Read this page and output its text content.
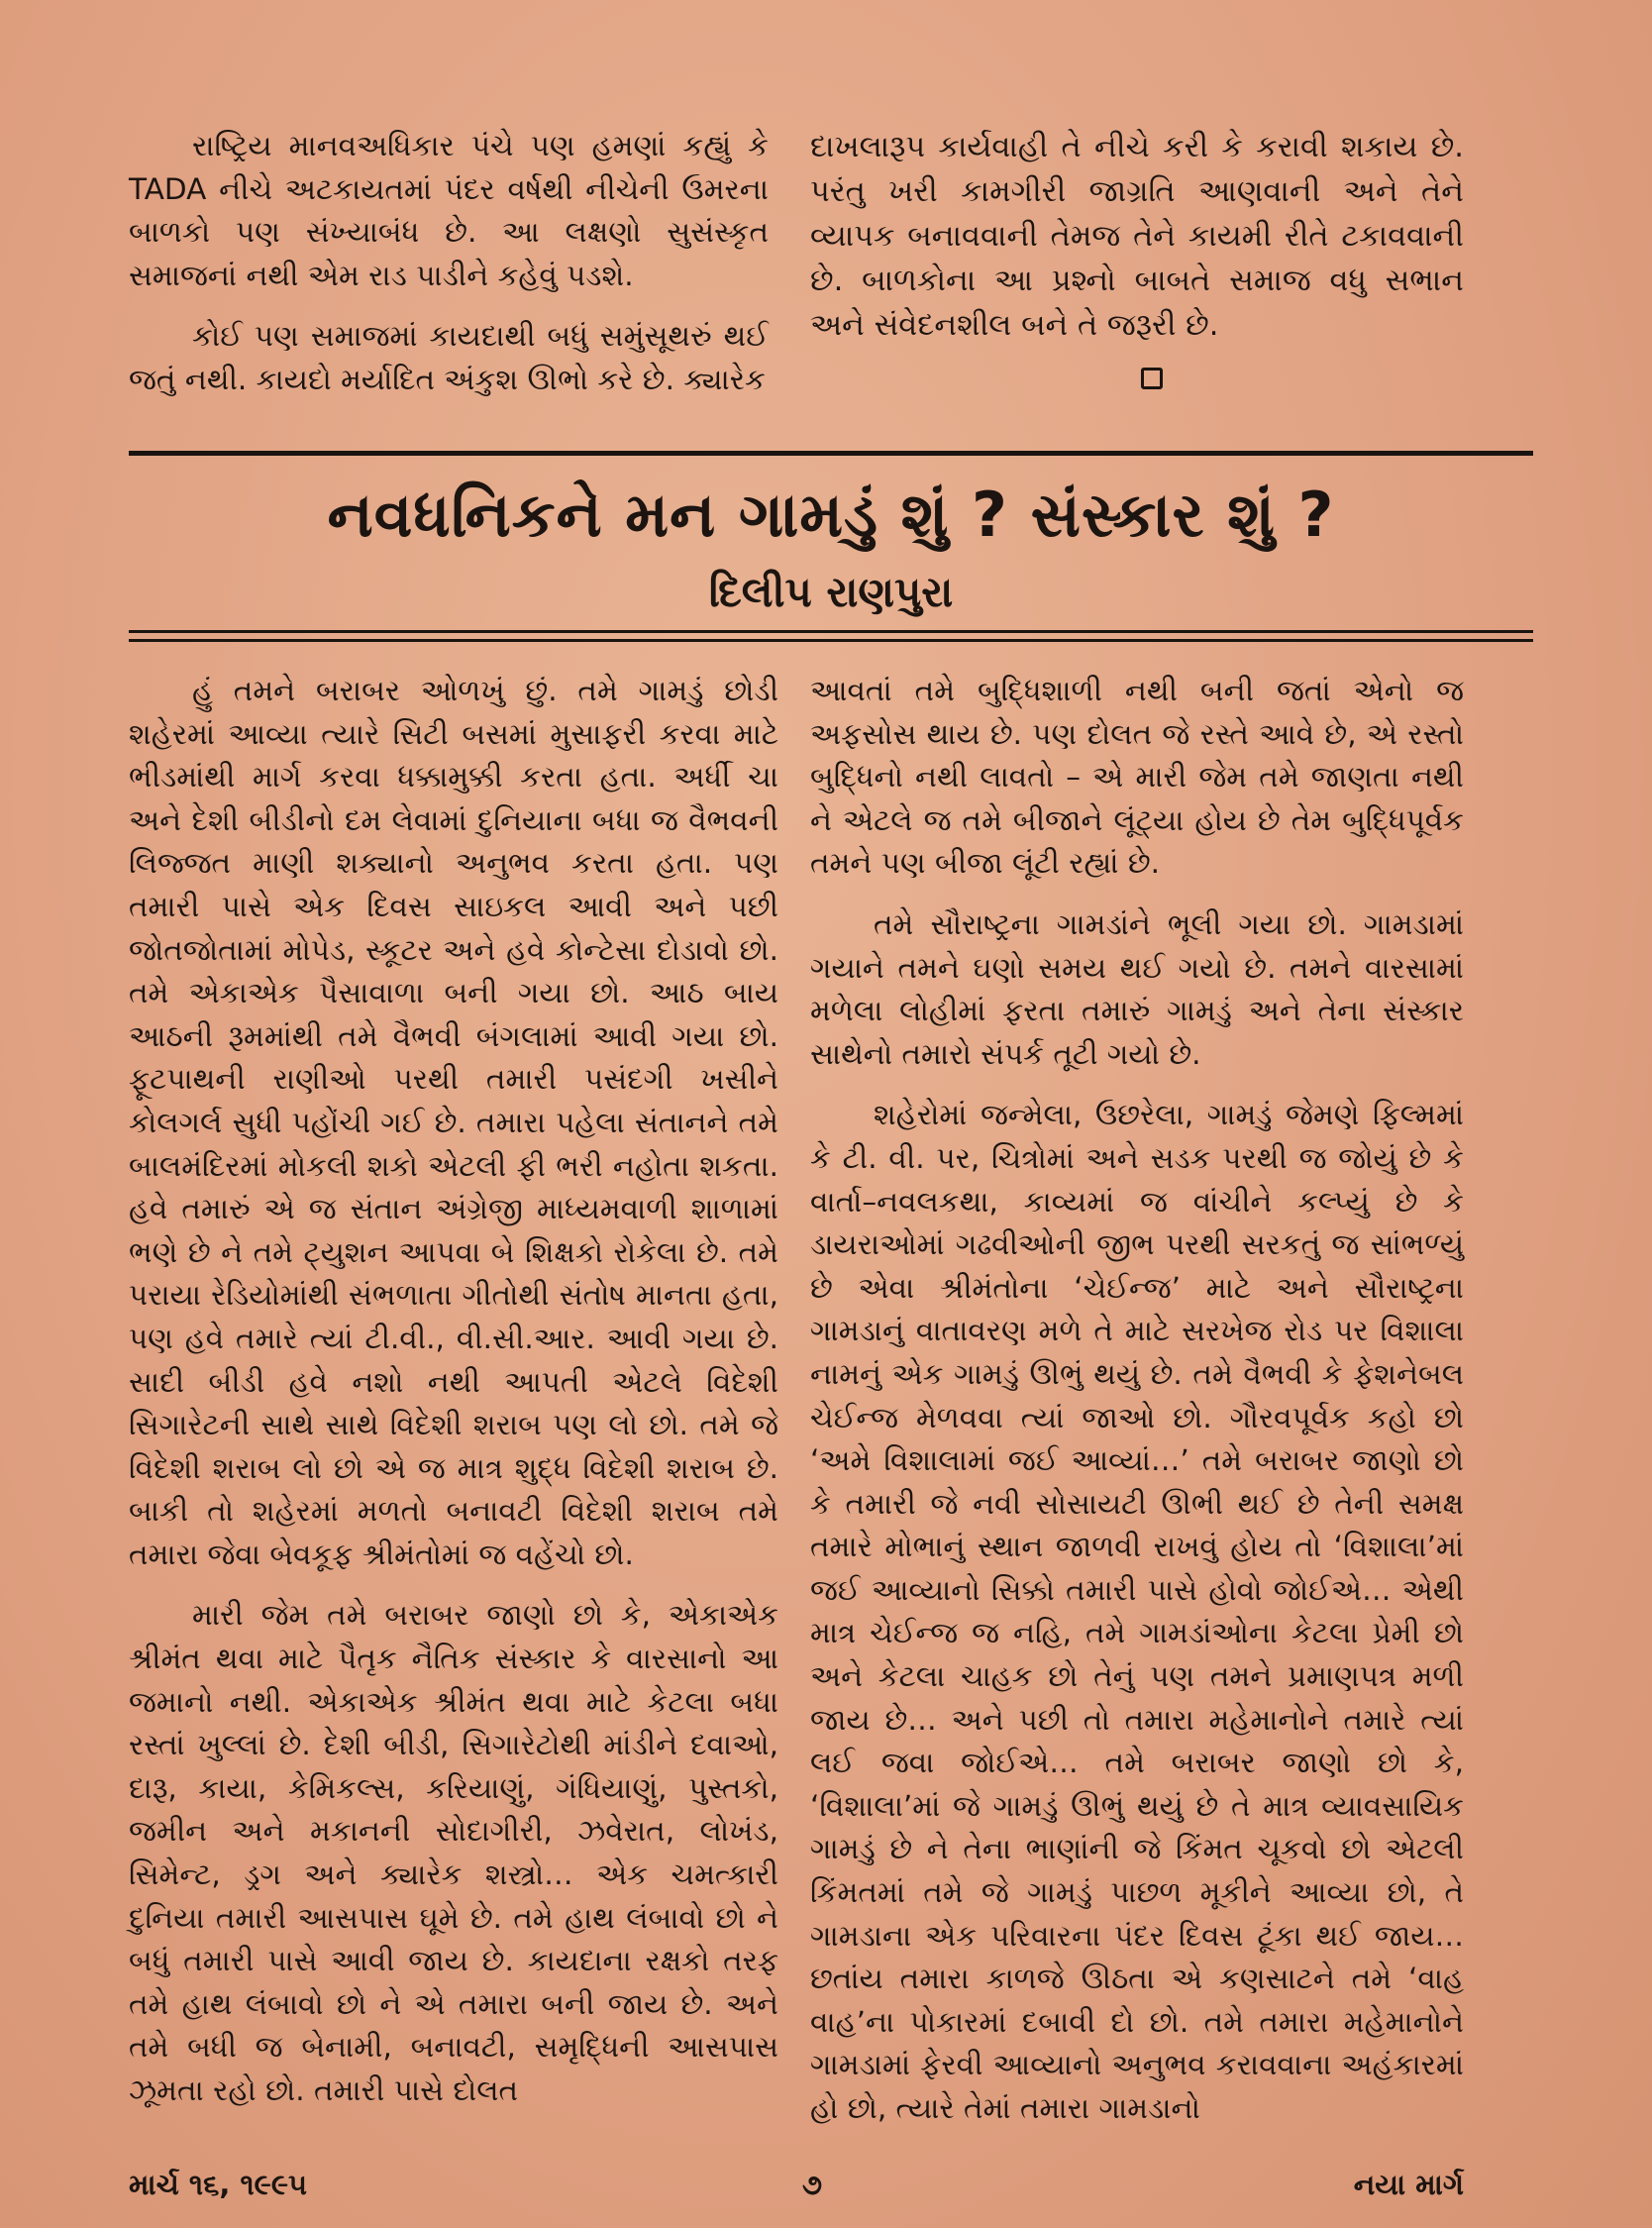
રાષ્ટ્રિય માનવઅધિકાર પંચે પણ હમણાં કહ્યું કે TADA નીચે અટકાયતમાં પંદર વર્ષથી નીચેની ઉમરના બાળકો પણ સંખ્યાબંધ છે. આ લક્ષણો સુસંસ્કૃત સમાજનાં નથી એમ રાડ પાડીને કહેવું પડશે.

કોઈ પણ સમાજમાં કાયદાથી બધું સમુંસૂથરું થઈ જતું નથી. કાયદો મર્યાદિત અંકુશ ઊભો કરે છે. ક્યારેક

દાખલારૂપ કાર્યવાહી તે નીચે કરી કે કરાવી શકાય છે. પરંતુ ખરી કામગીરી જાગ્રતિ આણવાની અને તેને વ્યાપક બનાવવાની તેમજ તેને કાયમી રીતે ટકાવવાની છે. બાળકોના આ પ્રશ્નો બાબતે સમાજ વધુ સભાન અને સંવેદનશીલ બને તે જરૂરી છે.

નવધનિકને મન ગામડું શું ? સંસ્કાર શું ?
દિલીપ રાણપુરા

હું તમને બરાબર ઓળખું છું. તમે ગામડું છોડી શહેરમાં આવ્યા ત્યારે સિટી બસમાં મુસાફરી કરવા માટે ભીડમાંથી માર્ગ કરવા ધક્કામુક્કી કરતા હતા. અર્ધી ચા અને દેશી બીડીનો દમ લેવામાં દુનિયાના બધા જ વૈભવની લિજ્જત માણી શક્યાનો અનુભવ કરતા હતા. પણ તમારી પાસે એક દિવસ સાઇકલ આવી અને પછી જોતજોતામાં મોપેડ, સ્કૂટર અને હવે કોન્ટેસા દોડાવો છો. તમે એકાએક પૈસાવાળા બની ગયા છો. આઠ બાય આઠની રૂમમાંથી તમે વૈભવી બંગલામાં આવી ગયા છો. ફૂટપાથની રાણીઓ પરથી તમારી પસંદગી ખસીને કોલગર્લ સુધી પહોંચી ગઈ છે. તમારા પહેલા સંતાનને તમે બાલમંદિરમાં મોકલી શકો એટલી ફી ભરી નહોતા શકતા. હવે તમારું એ જ સંતાન અંગ્રેજી માધ્યમવાળી શાળામાં ભણે છે ને તમે ટ્યુશન આપવા બે શિક્ષકો રોકેલા છે. તમે પરાયા રેડિયોમાંથી સંભળાતા ગીતોથી સંતોષ માનતા હતા, પણ હવે તમારે ત્યાં ટી.વી., વી.સી.આર. આવી ગયા છે. સાદી બીડી હવે નશો નથી આપતી એટલે વિદેશી સિગારેટની સાથે સાથે વિદેશી શરાબ પણ લો છો. તમે જે વિદેશી શરાબ લો છો એ જ માત્ર શુદ્ધ વિદેશી શરાબ છે. બાકી તો શહેરમાં મળતો બનાવટી વિદેશી શરાબ તમે તમારા જેવા બેવકૂફ શ્રીમંતોમાં જ વહેંચો છો.

મારી જેમ તમે બરાબર જાણો છો કે, એકાએક શ્રીમંત થવા માટે પૈતૃક નૈતિક સંસ્કાર કે વારસાનો આ જમાનો નથી. એકાએક શ્રીમંત થવા માટે કેટલા બધા રસ્તાં ખુલ્લાં છે. દેશી બીડી, સિગારેટોથી માંડીને દવાઓ, દારૂ, કાયા, કેમિકલ્સ, કરિયાણું, ગંધિયાણું, પુસ્તકો, જમીન અને મકાનની સોદાગીરી, ઝવેરાત, લોખંડ, સિમેન્ટ, ડ્રગ અને ક્યારેક શસ્ત્રો… એક ચમત્કારી દુનિયા તમારી આસપાસ ઘૂમે છે. તમે હાથ લંબાવો છો ને બધું તમારી પાસે આવી જાય છે. કાયદાના રક્ષકો તરફ તમે હાથ લંબાવો છો ને એ તમારા બની જાય છે. અને તમે બધી જ બેનામી, બનાવટી, સમૃદ્ધિની આસપાસ ઝૂમતા રહો છો. તમારી પાસે દોલત

આવતાં તમે બુદ્ધિશાળી નથી બની જતાં એનો જ અફસોસ થાય છે. પણ દોલત જે રસ્તે આવે છે, એ રસ્તો બુદ્ધિનો નથી લાવતો – એ મારી જેમ તમે જાણતા નથી ને એટલે જ તમે બીજાને લૂંટ્યા હોય છે તેમ બુદ્ધિપૂર્વક તમને પણ બીજા લૂંટી રહ્યાં છે.

તમે સૌરાષ્ટ્રના ગામડાંને ભૂલી ગયા છો. ગામડામાં ગયાને તમને ઘણો સમય થઈ ગયો છે. તમને વારસામાં મળેલા લોહીમાં ફરતા તમારું ગામડું અને તેના સંસ્કાર સાથેનો તમારો સંપર્ક તૂટી ગયો છે.

શહેરોમાં જન્મેલા, ઉછરેલા, ગામડું જેમણે ફિલ્મમાં કે ટી. વી. પર, ચિત્રોમાં અને સડક પરથી જ જોયું છે કે વાર્તા–નવલકથા, કાવ્યમાં જ વાંચીને કલ્પ્યું છે કે ડાયરાઓમાં ગઢવીઓની જીભ પરથી સરકતું જ સાંભળ્યું છે એવા શ્રીમંતોના ‘ચેઈન્જ’ માટે અને સૌરાષ્ટ્રના ગામડાનું વાતાવરણ મળે તે માટે સરખેજ રોડ પર વિશાલા નામનું એક ગામડું ઊભું થયું છે. તમે વૈભવી કે ફેશનેબલ ચેઈન્જ મેળવવા ત્યાં જાઓ છો. ગૌરવપૂર્વક કહો છો ‘અમે વિશાલામાં જઈ આવ્યાં…’ તમે બરાબર જાણો છો કે તમારી જે નવી સોસાયટી ઊભી થઈ છે તેની સમક્ષ તમારે મોભાનું સ્થાન જાળવી રાખવું હોય તો ‘વિશાલા’માં જઈ આવ્યાનો સિક્કો તમારી પાસે હોવો જોઈએ… એથી માત્ર ચેઈન્જ જ નહિ, તમે ગામડાંઓના કેટલા પ્રેમી છો અને કેટલા ચાહક છો તેનું પણ તમને પ્રમાણપત્ર મળી જાય છે… અને પછી તો તમારા મહેમાનોને તમારે ત્યાં લઈ જવા જોઈએ… તમે બરાબર જાણો છો કે, ‘વિશાલા’માં જે ગામડું ઊભું થયું છે તે માત્ર વ્યાવસાયિક ગામડું છે ને તેના ભાણાંની જે કિંમત ચૂકવો છો એટલી કિંમતમાં તમે જે ગામડું પાછળ મૂકીને આવ્યા છો, તે ગામડાના એક પરિવારના પંદર દિવસ ટૂંકા થઈ જાય… છતાંય તમારા કાળજે ઊઠતા એ કણસાટને તમે ‘વાહ વાહ’ના પોકારમાં દબાવી દો છો. તમે તમારા મહેમાનોને ગામડામાં ફેરવી આવ્યાનો અનુભવ કરાવવાના અહંકારમાં હો છો, ત્યારે તેમાં તમારા ગામડાનો

માર્ચ ૧૬, ૧૯૯૫	૭	નયા માર્ગ
